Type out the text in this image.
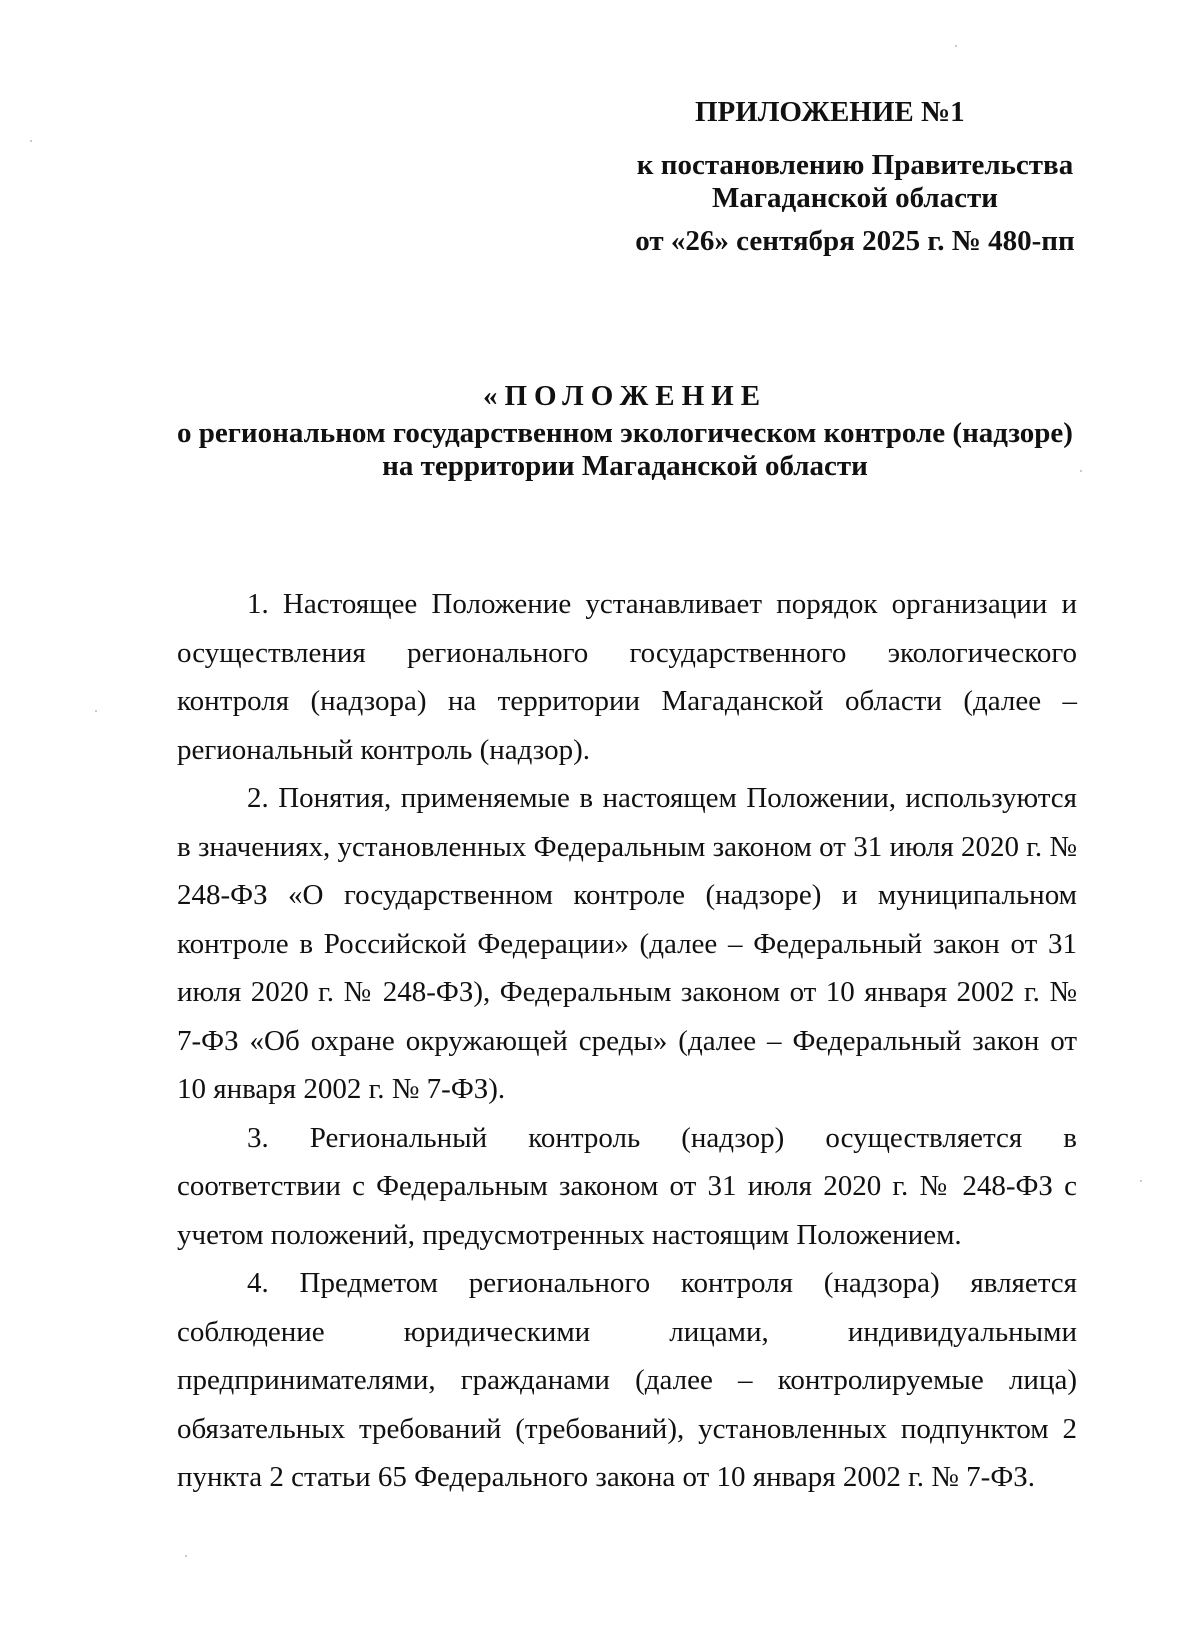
ПРИЛОЖЕНИЕ №1
к постановлению Правительства
Магаданской области
от «26» сентября 2025 г. № 480-пп
«ПОЛОЖЕНИЕ
о региональном государственном экологическом контроле (надзоре)
на территории Магаданской области

1. Настоящее Положение устанавливает порядок организации и осуществления регионального государственного экологического контроля (надзора) на территории Магаданской области (далее – региональный контроль (надзор).

2. Понятия, применяемые в настоящем Положении, используются в значениях, установленных Федеральным законом от 31 июля 2020 г. № 248-ФЗ «О государственном контроле (надзоре) и муниципальном контроле в Российской Федерации» (далее – Федеральный закон от 31 июля 2020 г. № 248-ФЗ), Федеральным законом от 10 января 2002 г. № 7-ФЗ «Об охране окружающей среды» (далее – Федеральный закон от 10 января 2002 г. № 7-ФЗ).

3. Региональный контроль (надзор) осуществляется в соответствии с Федеральным законом от 31 июля 2020 г. № 248-ФЗ с учетом положений, предусмотренных настоящим Положением.

4. Предметом регионального контроля (надзора) является соблюдение юридическими лицами, индивидуальными предпринимателями, гражданами (далее – контролируемые лица) обязательных требований (требований), установленных подпунктом 2 пункта 2 статьи 65 Федерального закона от 10 января 2002 г. № 7-ФЗ.
